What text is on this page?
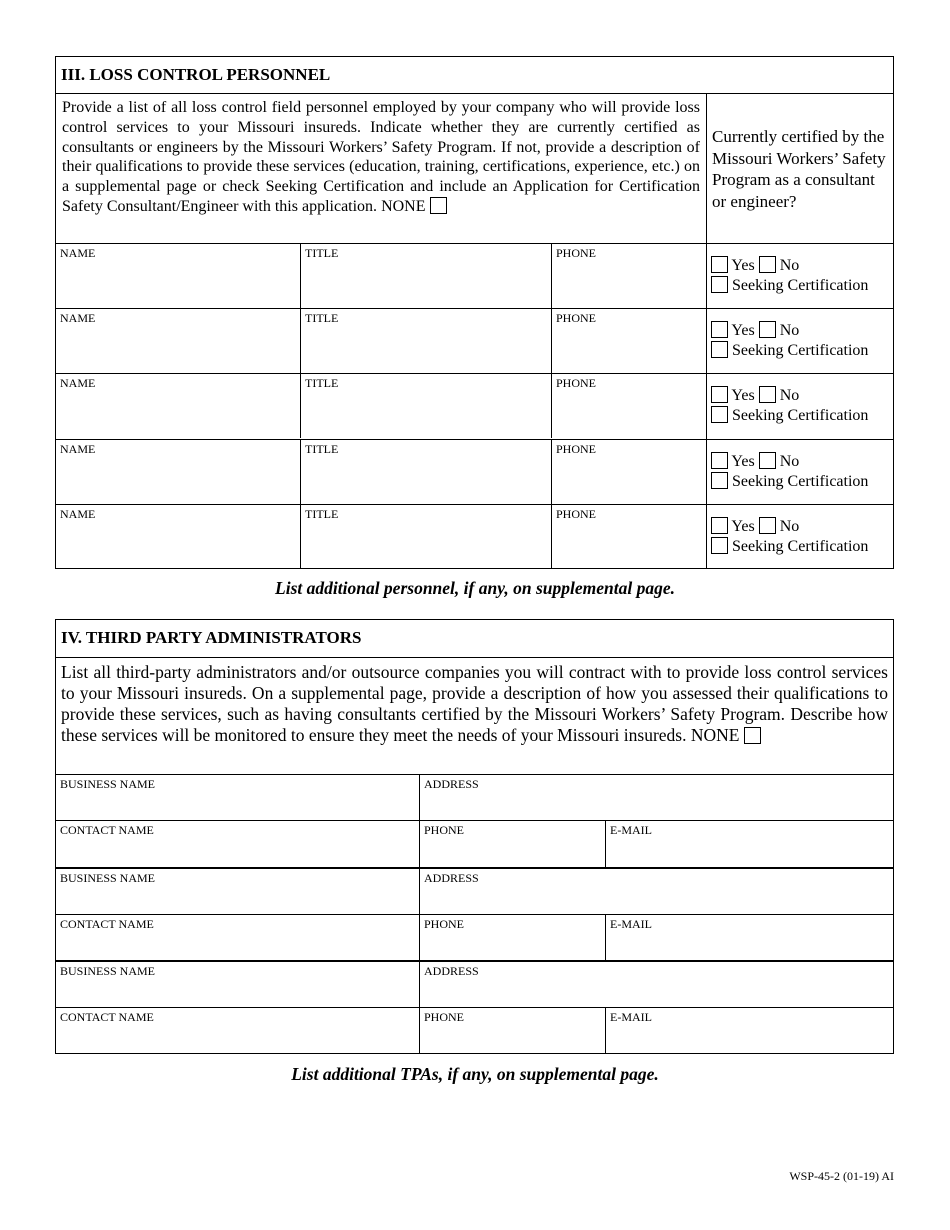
III. LOSS CONTROL PERSONNEL
Provide a list of all loss control field personnel employed by your company who will provide loss control services to your Missouri insureds. Indicate whether they are currently certified as consultants or engineers by the Missouri Workers’ Safety Program. If not, provide a description of their qualifications to provide these services (education, training, certifications, experience, etc.) on a supplemental page or check Seeking Certification and include an Application for Certification Safety Consultant/Engineer with this application. NONE
Currently certified by the Missouri Workers’ Safety Program as a consultant or engineer?
NAME	TITLE	PHONE
Yes No
Seeking Certification
NAME	TITLE	PHONE
Yes No
Seeking Certification
NAME	TITLE	PHONE
Yes No
Seeking Certification
NAME	TITLE	PHONE
Yes No
Seeking Certification
NAME	TITLE	PHONE
Yes No
Seeking Certification
List additional personnel, if any, on supplemental page.
IV. THIRD PARTY ADMINISTRATORS
List all third-party administrators and/or outsource companies you will contract with to provide loss control services to your Missouri insureds. On a supplemental page, provide a description of how you assessed their qualifications to provide these services, such as having consultants certified by the Missouri Workers’ Safety Program. Describe how these services will be monitored to ensure they meet the needs of your Missouri insureds. NONE
BUSINESS NAME	ADDRESS
CONTACT NAME	PHONE	E-MAIL
BUSINESS NAME	ADDRESS
CONTACT NAME	PHONE	E-MAIL
BUSINESS NAME	ADDRESS
CONTACT NAME	PHONE	E-MAIL
List additional TPAs, if any, on supplemental page.
WSP-45-2 (01-19) AI
